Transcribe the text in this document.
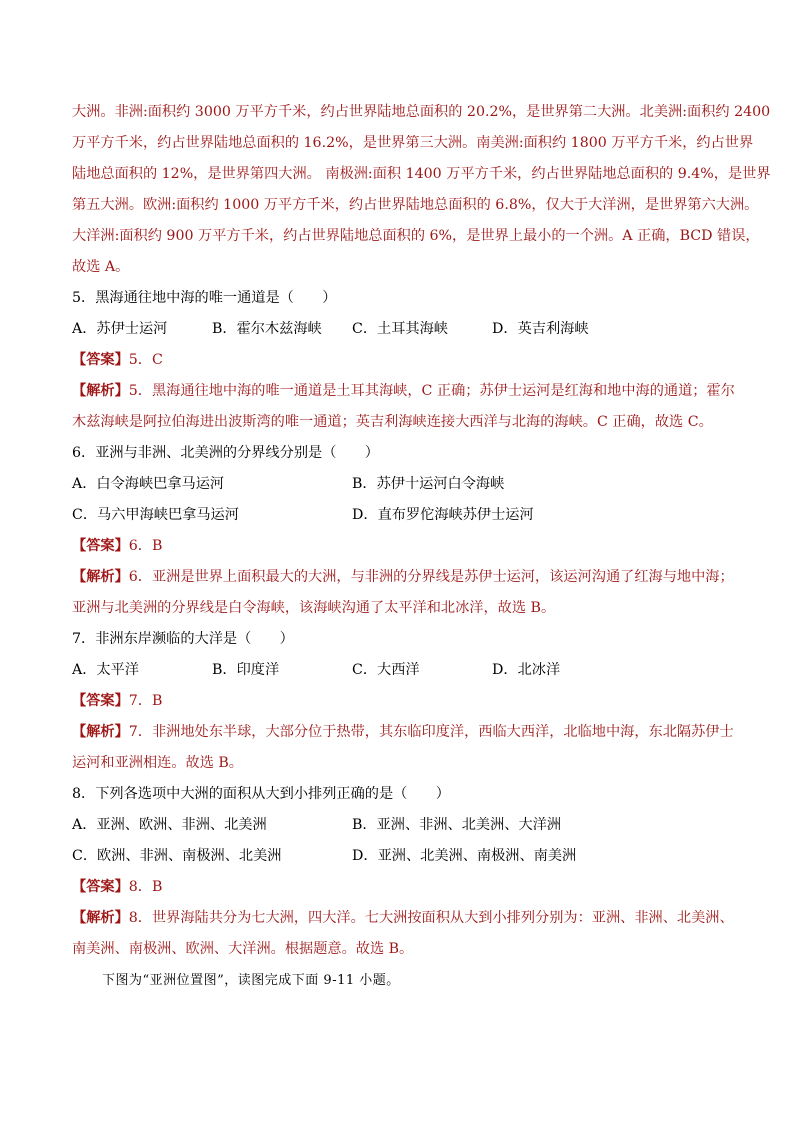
大洲。非洲:面积约 3000 万平方千米，约占世界陆地总面积的 20.2%，是世界第二大洲。北美洲:面积约 2400
万平方千米，约占世界陆地总面积的 16.2%，是世界第三大洲。南美洲:面积约 1800 万平方千米，约占世界
陆地总面积的 12%，是世界第四大洲。 南极洲:面积 1400 万平方千米，约占世界陆地总面积的 9.4%，是世界
第五大洲。欧洲:面积约 1000 万平方千米，约占世界陆地总面积的 6.8%，仅大于大洋洲，是世界第六大洲。
大洋洲:面积约 900 万平方千米，约占世界陆地总面积的 6%，是世界上最小的一个洲。A 正确，BCD 错误，
故选 A。
5．黑海通往地中海的唯一通道是（　　）
A．苏伊士运河	B．霍尔木兹海峡 C．土耳其海峡	D．英吉利海峡
【答案】5．C
【解析】5．黑海通往地中海的唯一通道是土耳其海峡，C 正确；苏伊士运河是红海和地中海的通道；霍尔
木兹海峡是阿拉伯海进出波斯湾的唯一通道；英吉利海峡连接大西洋与北海的海峡。C 正确，故选 C。
6．亚洲与非洲、北美洲的分界线分别是（　　）
A．白令海峡巴拿马运河	B．苏伊十运河白令海峡
C．马六甲海峡巴拿马运河	D．直布罗佗海峡苏伊士运河
【答案】6．B
【解析】6．亚洲是世界上面积最大的大洲，与非洲的分界线是苏伊士运河，该运河沟通了红海与地中海；
亚洲与北美洲的分界线是白令海峡，该海峡沟通了太平洋和北冰洋，故选 B。
7．非洲东岸濒临的大洋是（　　）
A．太平洋	B．印度洋	C．大西洋	D．北冰洋
【答案】7．B
【解析】7．非洲地处东半球，大部分位于热带，其东临印度洋，西临大西洋，北临地中海，东北隔苏伊士
运河和亚洲相连。故选 B。
8．下列各选项中大洲的面积从大到小排列正确的是（　　）
A．亚洲、欧洲、非洲、北美洲	B．亚洲、非洲、北美洲、大洋洲
C．欧洲、非洲、南极洲、北美洲	D．亚洲、北美洲、南极洲、南美洲
【答案】8．B
【解析】8．世界海陆共分为七大洲，四大洋。七大洲按面积从大到小排列分别为：亚洲、非洲、北美洲、
南美洲、南极洲、欧洲、大洋洲。根据题意。故选 B。
下图为“亚洲位置图”，读图完成下面 9-11 小题。
